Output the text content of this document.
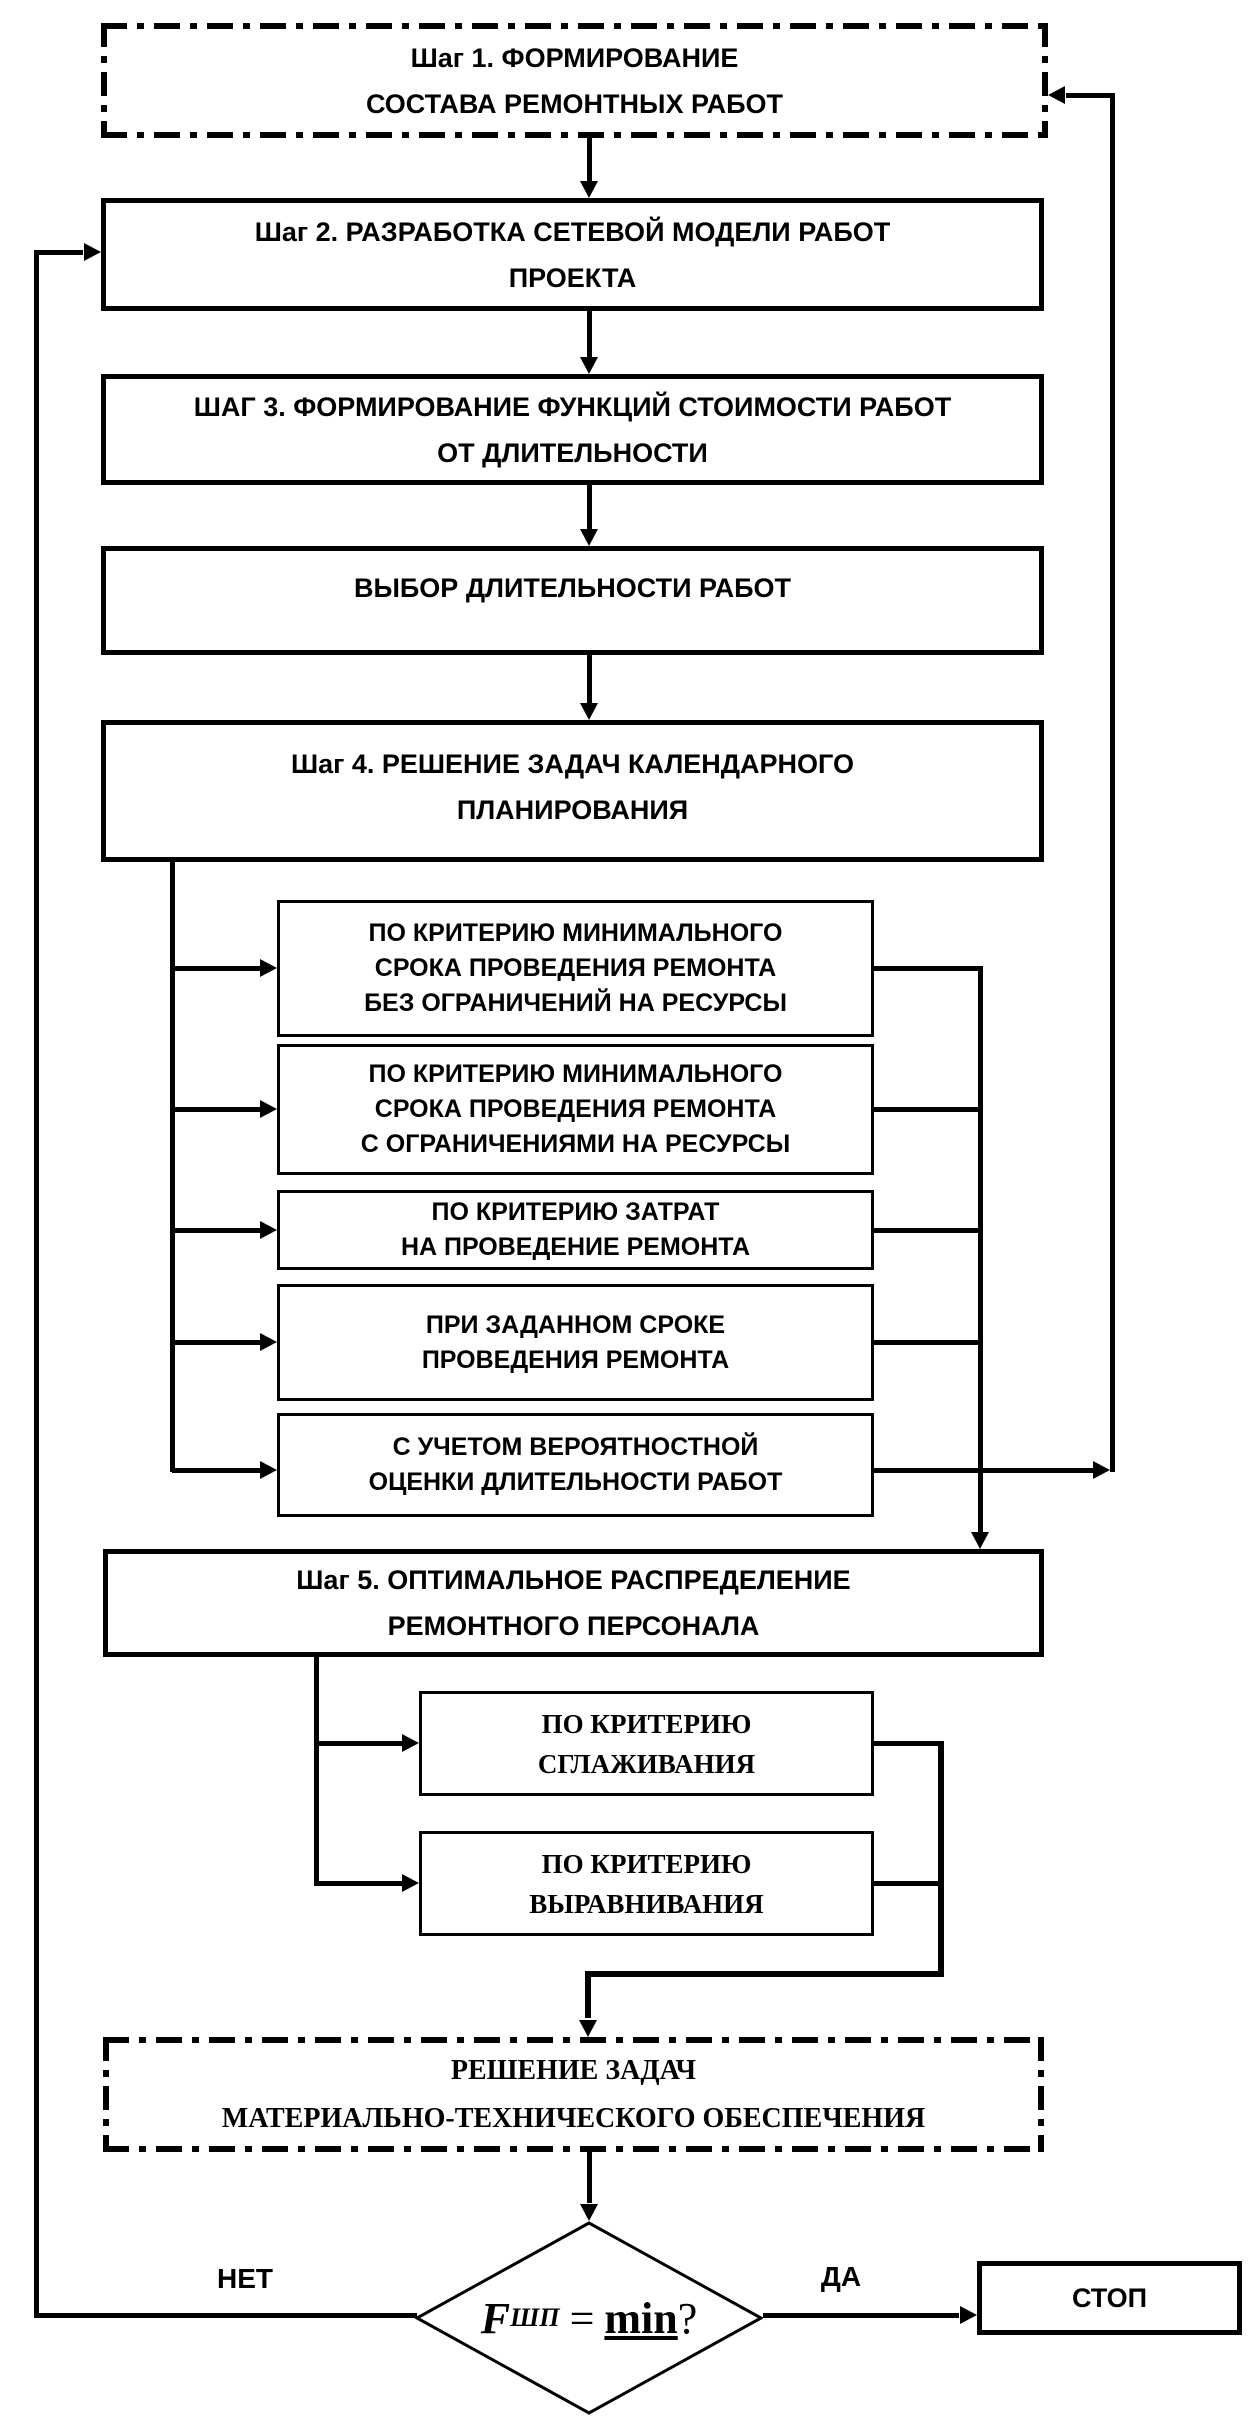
Шаг 1. ФОРМИРОВАНИЕ
СОСТАВА РЕМОНТНЫХ РАБОТ
Шаг 2. РАЗРАБОТКА СЕТЕВОЙ МОДЕЛИ РАБОТ
ПРОЕКТА
ШАГ 3. ФОРМИРОВАНИЕ ФУНКЦИЙ СТОИМОСТИ РАБОТ
ОТ ДЛИТЕЛЬНОСТИ
ВЫБОР ДЛИТЕЛЬНОСТИ РАБОТ
Шаг 4. РЕШЕНИЕ ЗАДАЧ КАЛЕНДАРНОГО
ПЛАНИРОВАНИЯ
ПО КРИТЕРИЮ МИНИМАЛЬНОГО
СРОКА ПРОВЕДЕНИЯ РЕМОНТА
БЕЗ ОГРАНИЧЕНИЙ НА РЕСУРСЫ
ПО КРИТЕРИЮ МИНИМАЛЬНОГО
СРОКА ПРОВЕДЕНИЯ РЕМОНТА
С ОГРАНИЧЕНИЯМИ НА РЕСУРСЫ
ПО КРИТЕРИЮ ЗАТРАТ
НА ПРОВЕДЕНИЕ РЕМОНТА
ПРИ ЗАДАННОМ СРОКЕ
ПРОВЕДЕНИЯ РЕМОНТА
С УЧЕТОМ ВЕРОЯТНОСТНОЙ
ОЦЕНКИ ДЛИТЕЛЬНОСТИ РАБОТ
Шаг 5. ОПТИМАЛЬНОЕ РАСПРЕДЕЛЕНИЕ
РЕМОНТНОГО ПЕРСОНАЛА
ПО КРИТЕРИЮ
СГЛАЖИВАНИЯ
ПО КРИТЕРИЮ
ВЫРАВНИВАНИЯ
РЕШЕНИЕ ЗАДАЧ
МАТЕРИАЛЬНО-ТЕХНИЧЕСКОГО ОБЕСПЕЧЕНИЯ
F ШП = min ?	СТОП
НЕТ	ДА
